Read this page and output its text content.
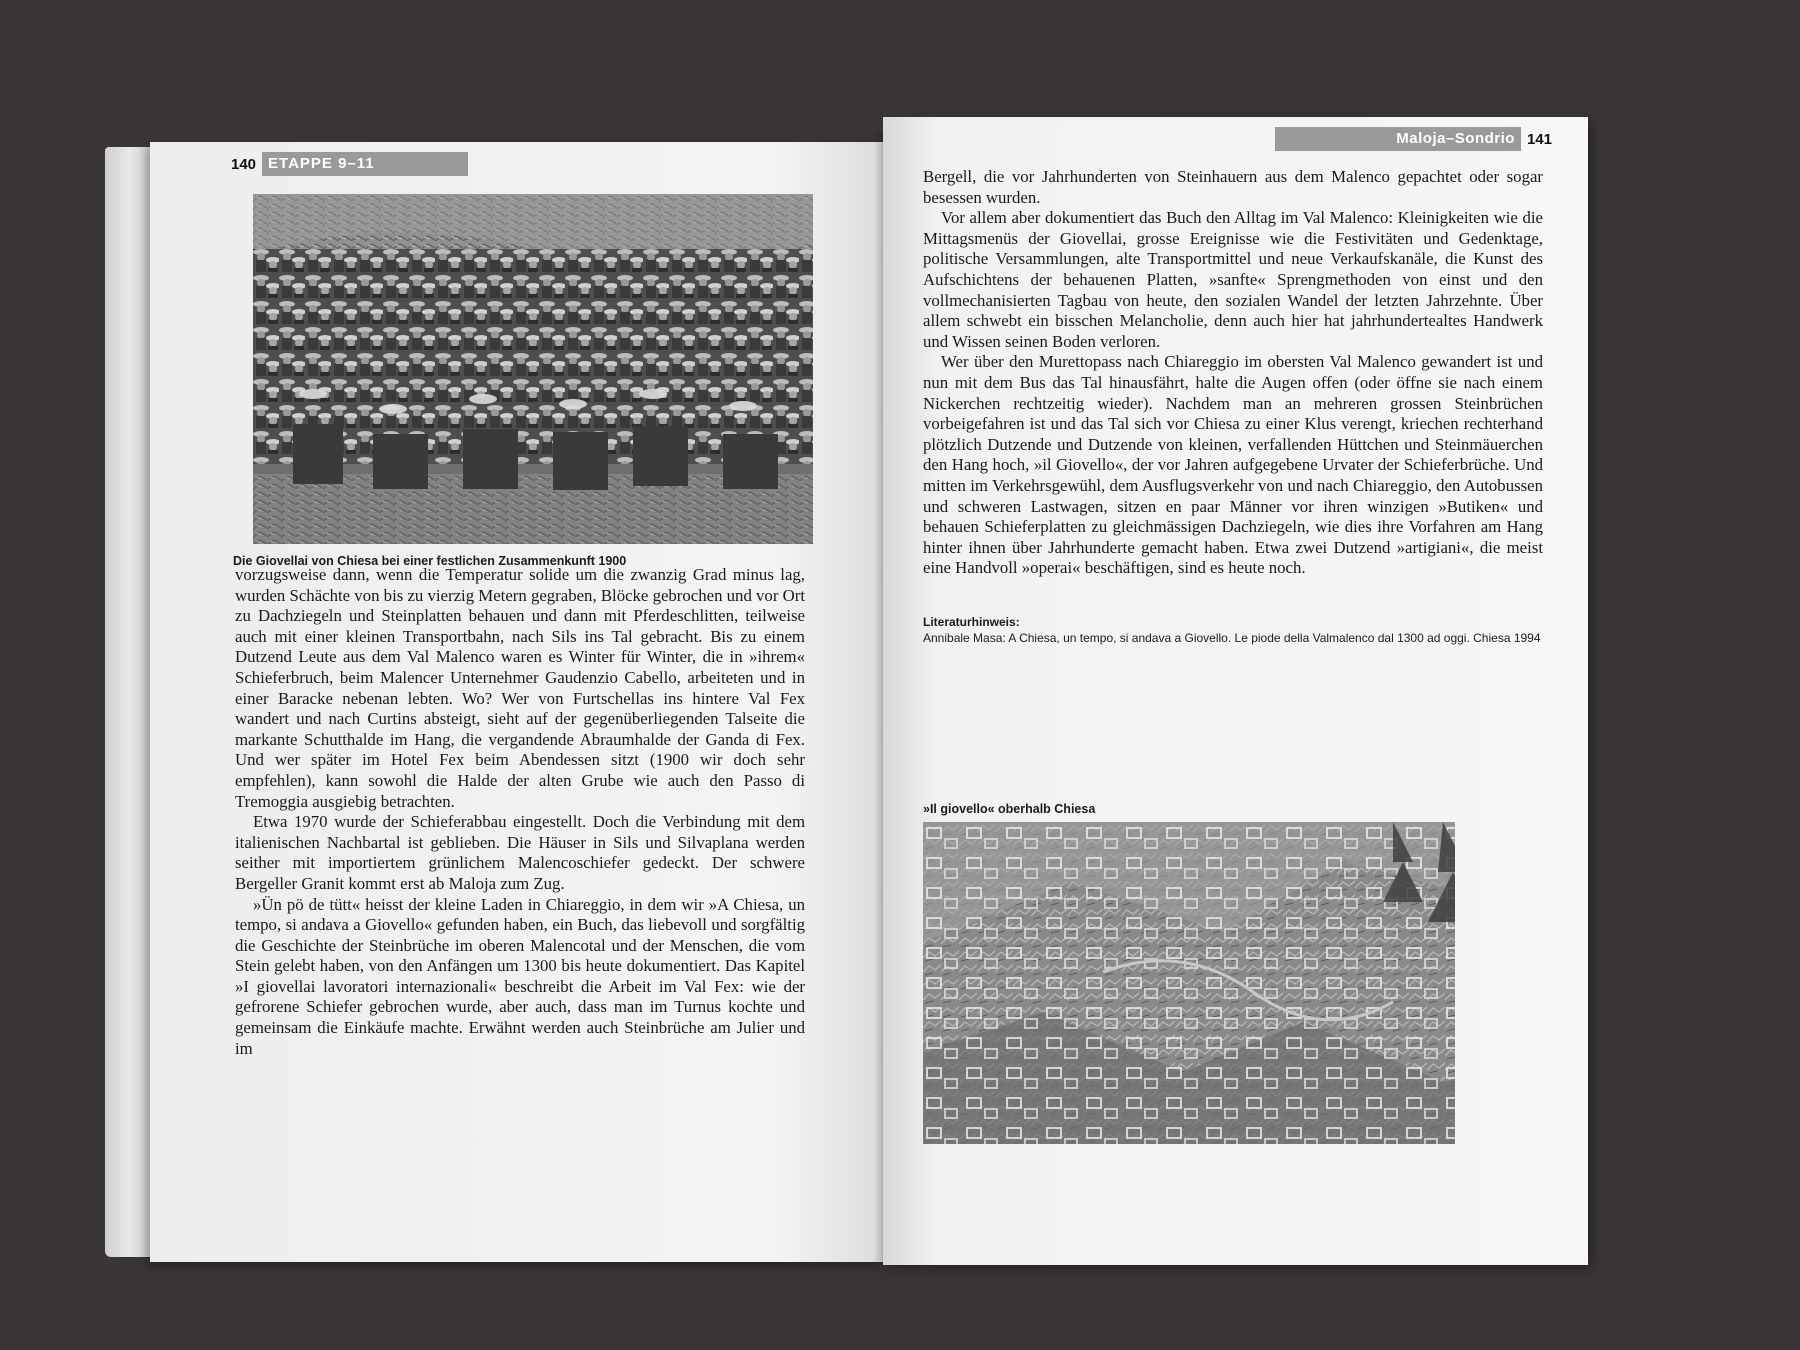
140 ETAPPE 9–11
Die Giovellai von Chiesa bei einer festlichen Zusammenkunft 1900

vorzugsweise dann, wenn die Temperatur solide um die zwanzig Grad minus lag, wurden Schächte von bis zu vierzig Metern gegraben, Blöcke gebrochen und vor Ort zu Dachziegeln und Steinplatten behauen und dann mit Pferdeschlitten, teilweise auch mit einer kleinen Transportbahn, nach Sils ins Tal gebracht. Bis zu einem Dutzend Leute aus dem Val Malenco waren es Winter für Winter, die in »ihrem« Schieferbruch, beim Malencer Unternehmer Gaudenzio Cabello, arbeiteten und in einer Baracke nebenan lebten. Wo? Wer von Furtschellas ins hintere Val Fex wandert und nach Curtins absteigt, sieht auf der gegenüberliegenden Talseite die markante Schutthalde im Hang, die vergandende Abraumhalde der Ganda di Fex. Und wer später im Hotel Fex beim Abendessen sitzt (1900 wir doch sehr empfehlen), kann sowohl die Halde der alten Grube wie auch den Passo di Tremoggia ausgiebig betrachten.

Etwa 1970 wurde der Schieferabbau eingestellt. Doch die Verbindung mit dem italienischen Nachbartal ist geblieben. Die Häuser in Sils und Silvaplana werden seither mit importiertem grünlichem Malencoschiefer gedeckt. Der schwere Bergeller Granit kommt erst ab Maloja zum Zug.

»Ün pö de tütt« heisst der kleine Laden in Chiareggio, in dem wir »A Chiesa, un tempo, si andava a Giovello« gefunden haben, ein Buch, das liebevoll und sorgfältig die Geschichte der Steinbrüche im oberen Malencotal und der Menschen, die vom Stein gelebt haben, von den Anfängen um 1300 bis heute dokumentiert. Das Kapitel »I giovellai lavoratori internazionali« beschreibt die Arbeit im Val Fex: wie der gefrorene Schiefer gebrochen wurde, aber auch, dass man im Turnus kochte und gemeinsam die Einkäufe machte. Erwähnt werden auch Steinbrüche am Julier und im

Maloja–Sondrio 141

Bergell, die vor Jahrhunderten von Steinhauern aus dem Malenco gepachtet oder sogar besessen wurden.

Vor allem aber dokumentiert das Buch den Alltag im Val Malenco: Kleinigkeiten wie die Mittagsmenüs der Giovellai, grosse Ereignisse wie die Festivitäten und Gedenktage, politische Versammlungen, alte Transportmittel und neue Verkaufskanäle, die Kunst des Aufschichtens der behauenen Platten, »sanfte« Sprengmethoden von einst und den vollmechanisierten Tagbau von heute, den sozialen Wandel der letzten Jahrzehnte. Über allem schwebt ein bisschen Melancholie, denn auch hier hat jahrhundertealtes Handwerk und Wissen seinen Boden verloren.

Wer über den Murettopass nach Chiareggio im obersten Val Malenco gewandert ist und nun mit dem Bus das Tal hinausfährt, halte die Augen offen (oder öffne sie nach einem Nickerchen rechtzeitig wieder). Nachdem man an mehreren grossen Steinbrüchen vorbeigefahren ist und das Tal sich vor Chiesa zu einer Klus verengt, kriechen rechterhand plötzlich Dutzende und Dutzende von kleinen, verfallenden Hüttchen und Steinmäuerchen den Hang hoch, »il Giovello«, der vor Jahren aufgegebene Urvater der Schieferbrüche. Und mitten im Verkehrsgewühl, dem Ausflugsverkehr von und nach Chiareggio, den Autobussen und schweren Lastwagen, sitzen en paar Männer vor ihren winzigen »Butiken« und behauen Schieferplatten zu gleichmässigen Dachziegeln, wie dies ihre Vorfahren am Hang hinter ihnen über Jahrhunderte gemacht haben. Etwa zwei Dutzend »artigiani«, die meist eine Handvoll »operai« beschäftigen, sind es heute noch.

Literaturhinweis:
Annibale Masa: A Chiesa, un tempo, si andava a Giovello. Le piode della Valmalenco dal 1300 ad oggi. Chiesa 1994
»Il giovello« oberhalb Chiesa
